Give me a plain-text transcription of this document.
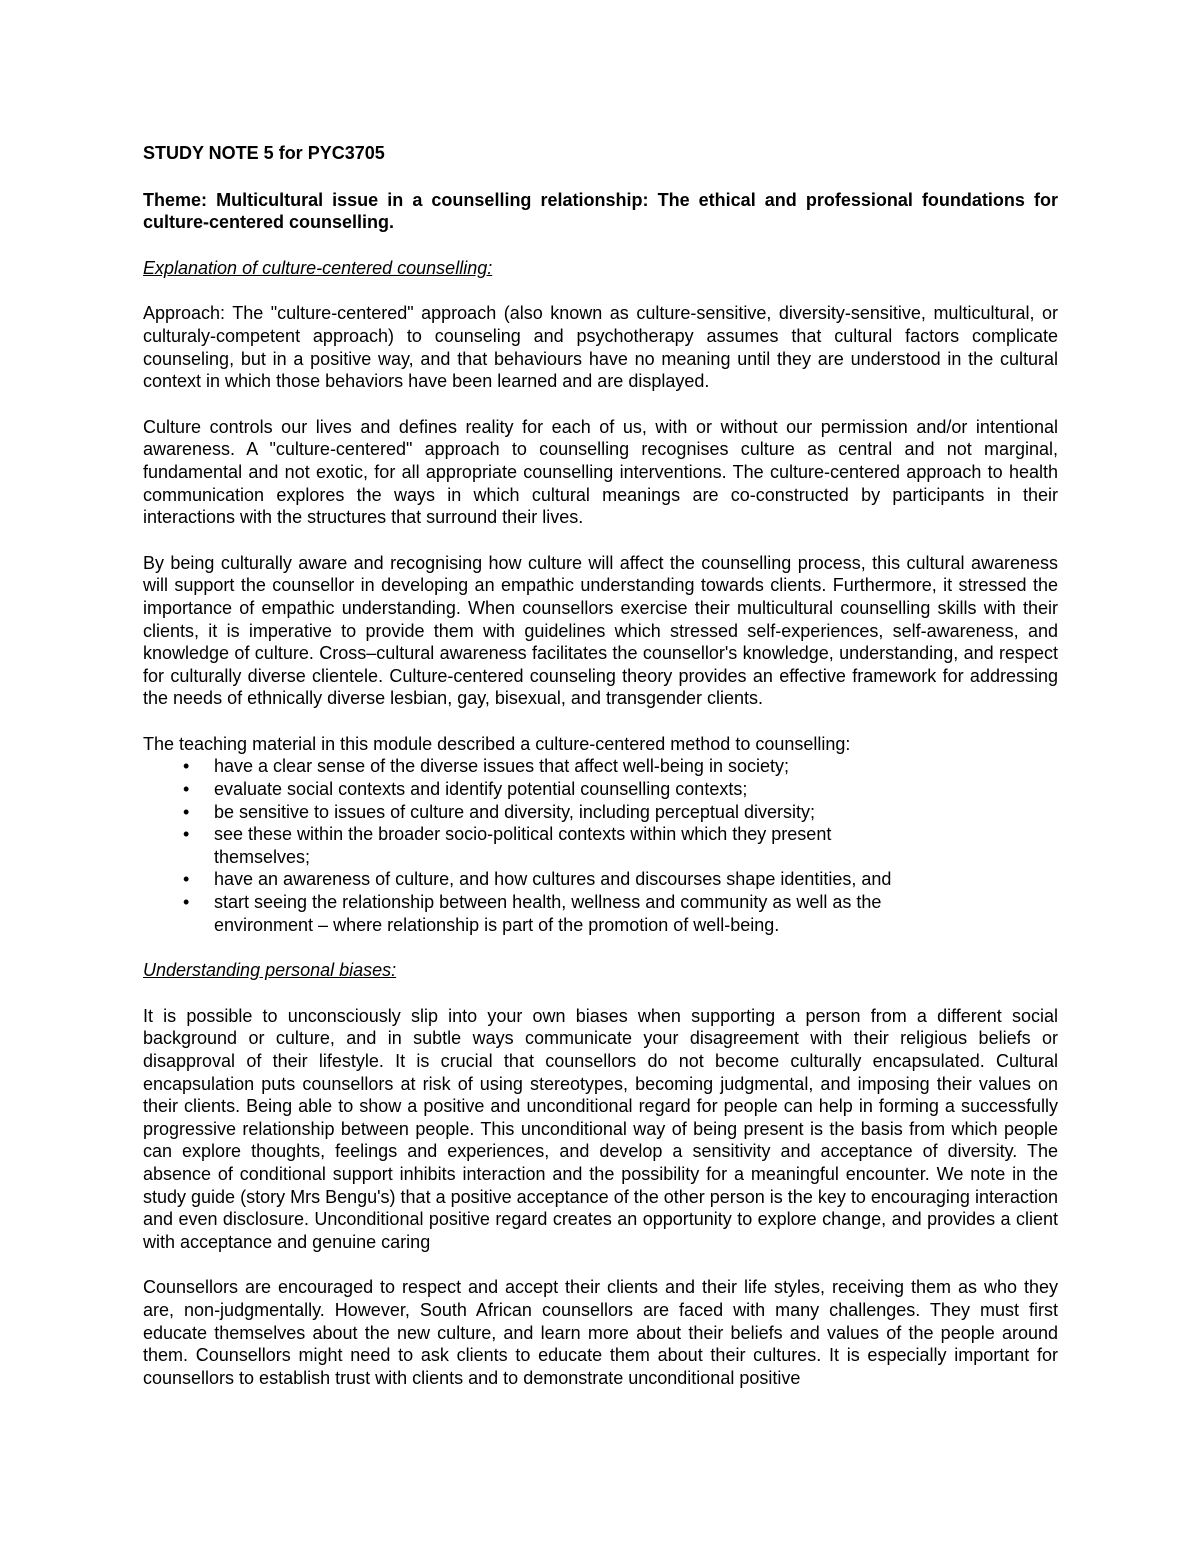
STUDY NOTE 5 for PYC3705
Theme: Multicultural issue in a counselling relationship: The ethical and professional foundations for culture-centered counselling.
Explanation of culture-centered counselling:

Approach: The "culture-centered" approach (also known as culture-sensitive, diversity-sensitive, multicultural, or culturaly-competent approach) to counseling and psychotherapy assumes that cultural factors complicate counseling, but in a positive way, and that behaviours have no meaning until they are understood in the cultural context in which those behaviors have been learned and are displayed.

Culture controls our lives and defines reality for each of us, with or without our permission and/or intentional awareness. A "culture-centered" approach to counselling recognises culture as central and not marginal, fundamental and not exotic, for all appropriate counselling interventions. The culture-centered approach to health communication explores the ways in which cultural meanings are co-constructed by participants in their interactions with the structures that surround their lives.

By being culturally aware and recognising how culture will affect the counselling process, this cultural awareness will support the counsellor in developing an empathic understanding towards clients. Furthermore, it stressed the importance of empathic understanding. When counsellors exercise their multicultural counselling skills with their clients, it is imperative to provide them with guidelines which stressed self-experiences, self-awareness, and knowledge of culture. Cross–cultural awareness facilitates the counsellor's knowledge, understanding, and respect for culturally diverse clientele. Culture-centered counseling theory provides an effective framework for addressing the needs of ethnically diverse lesbian, gay, bisexual, and transgender clients.

The teaching material in this module described a culture-centered method to counselling:

• have a clear sense of the diverse issues that affect well-being in society;
• evaluate social contexts and identify potential counselling contexts;
• be sensitive to issues of culture and diversity, including perceptual diversity;
• see these within the broader socio-political contexts within which they present themselves;
• have an awareness of culture, and how cultures and discourses shape identities, and
• start seeing the relationship between health, wellness and community as well as the environment – where relationship is part of the promotion of well-being.
Understanding personal biases:

It is possible to unconsciously slip into your own biases when supporting a person from a different social background or culture, and in subtle ways communicate your disagreement with their religious beliefs or disapproval of their lifestyle. It is crucial that counsellors do not become culturally encapsulated. Cultural encapsulation puts counsellors at risk of using stereotypes, becoming judgmental, and imposing their values on their clients. Being able to show a positive and unconditional regard for people can help in forming a successfully progressive relationship between people. This unconditional way of being present is the basis from which people can explore thoughts, feelings and experiences, and develop a sensitivity and acceptance of diversity. The absence of conditional support inhibits interaction and the possibility for a meaningful encounter. We note in the study guide (story Mrs Bengu's) that a positive acceptance of the other person is the key to encouraging interaction and even disclosure. Unconditional positive regard creates an opportunity to explore change, and provides a client with acceptance and genuine caring

Counsellors are encouraged to respect and accept their clients and their life styles, receiving them as who they are, non-judgmentally. However, South African counsellors are faced with many challenges. They must first educate themselves about the new culture, and learn more about their beliefs and values of the people around them. Counsellors might need to ask clients to educate them about their cultures. It is especially important for counsellors to establish trust with clients and to demonstrate unconditional positive
